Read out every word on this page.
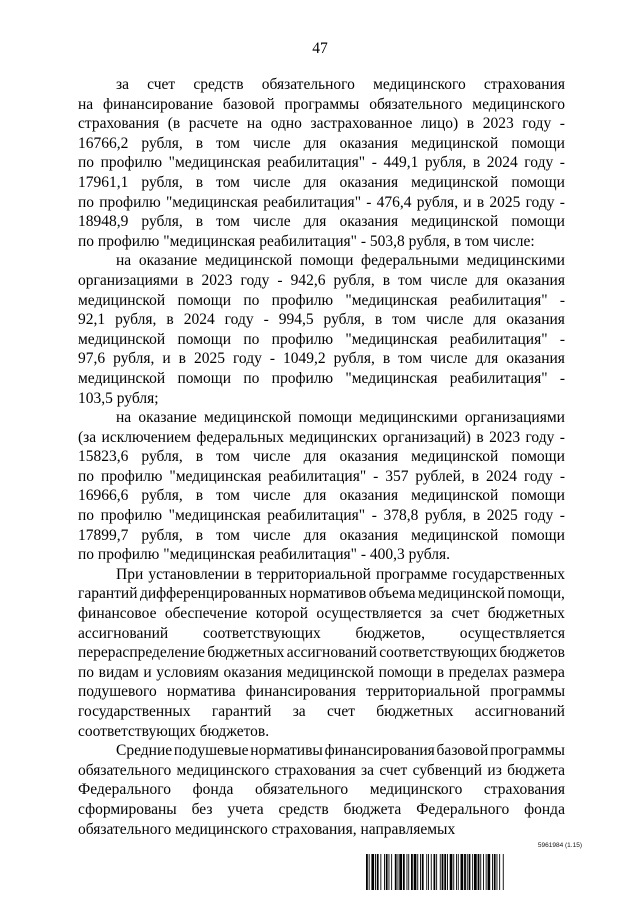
47
за счет средств обязательного медицинского страхования
на финансирование базовой программы обязательного медицинского
страхования (в расчете на одно застрахованное лицо) в 2023 году -
16766,2 рубля, в том числе для оказания медицинской помощи
по профилю "медицинская реабилитация" - 449,1 рубля, в 2024 году -
17961,1 рубля, в том числе для оказания медицинской помощи
по профилю "медицинская реабилитация" - 476,4 рубля, и в 2025 году -
18948,9 рубля, в том числе для оказания медицинской помощи
по профилю "медицинская реабилитация" - 503,8 рубля, в том числе:
на оказание медицинской помощи федеральными медицинскими
организациями в 2023 году - 942,6 рубля, в том числе для оказания
медицинской помощи по профилю "медицинская реабилитация" -
92,1 рубля, в 2024 году - 994,5 рубля, в том числе для оказания
медицинской помощи по профилю "медицинская реабилитация" -
97,6 рубля, и в 2025 году - 1049,2 рубля, в том числе для оказания
медицинской помощи по профилю "медицинская реабилитация" -
103,5 рубля;
на оказание медицинской помощи медицинскими организациями
(за исключением федеральных медицинских организаций) в 2023 году -
15823,6 рубля, в том числе для оказания медицинской помощи
по профилю "медицинская реабилитация" - 357 рублей, в 2024 году -
16966,6 рубля, в том числе для оказания медицинской помощи
по профилю "медицинская реабилитация" - 378,8 рубля, в 2025 году -
17899,7 рубля, в том числе для оказания медицинской помощи
по профилю "медицинская реабилитация" - 400,3 рубля.
При установлении в территориальной программе государственных
гарантий дифференцированных нормативов объема медицинской помощи,
финансовое обеспечение которой осуществляется за счет бюджетных
ассигнований соответствующих бюджетов, осуществляется
перераспределение бюджетных ассигнований соответствующих бюджетов
по видам и условиям оказания медицинской помощи в пределах размера
подушевого норматива финансирования территориальной программы
государственных гарантий за счет бюджетных ассигнований
соответствующих бюджетов.
Средние подушевые нормативы финансирования базовой программы
обязательного медицинского страхования за счет субвенций из бюджета
Федерального фонда обязательного медицинского страхования
сформированы без учета средств бюджета Федерального фонда
обязательного медицинского страхования, направляемых
5961984 (1.15)
